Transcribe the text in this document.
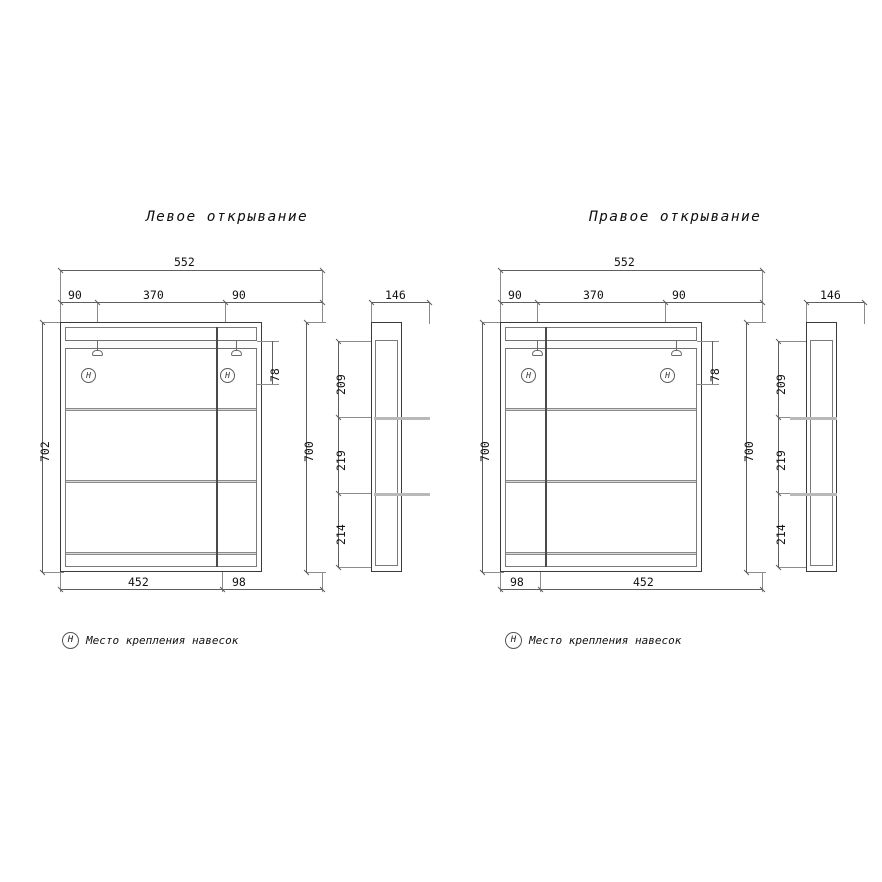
Левое открывание	Правое открывание
552
90	370	90
702
H	H	78
452	98
H	Место крепления навесок
146
700
209
219
214
552
90	370	90
700
H	H	78
98	452
H	Место крепления навесок
146
700
209
219
214
